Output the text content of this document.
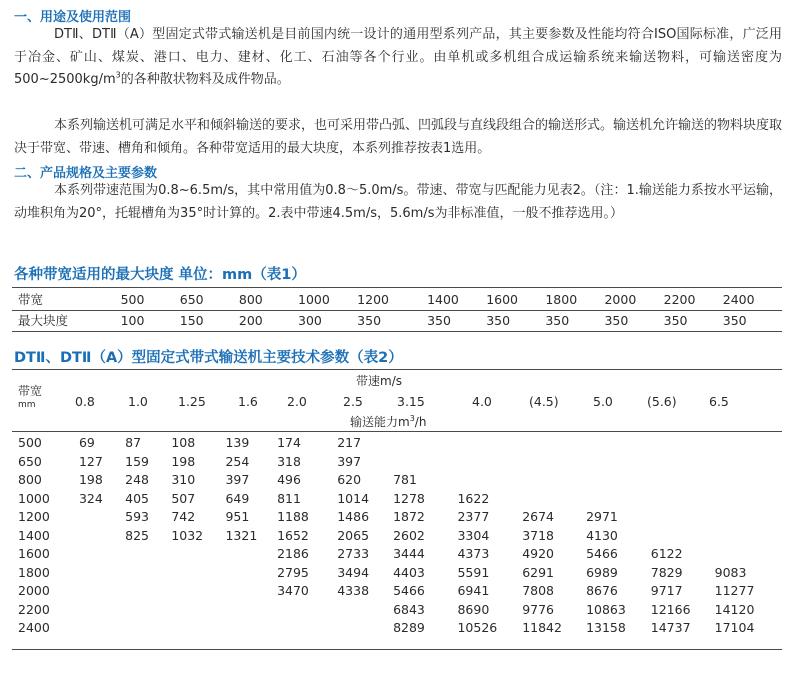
一、用途及使用范围

DTⅡ、DTⅡ（A）型固定式带式输送机是目前国内统一设计的通用型系列产品，其主要参数及性能均符合ISO国际标准，广泛用于冶金、矿山、煤炭、港口、电力、建材、化工、石油等各个行业。由单机或多机组合成运输系统来输送物料，可输送密度为$500\sim 2500kg/m^3$的各种散状物料及成件物品。

本系列输送机可满足水平和倾斜输送的要求，也可采用带凸弧、凹弧段与直线段组合的输送形式。输送机允许输送的物料块度取决于带宽、带速、槽角和倾角。各种带宽适用的最大块度，本系列推荐按表1选用。

二、产品规格及主要参数

本系列带速范围为0.8~6.5m/s，其中常用值为0.8～5.0m/s。带速、带宽与匹配能力见表2。（注：1.输送能力系按水平运输，动堆积角为20°，托辊槽角为35°时计算的。2.表中带速4.5m/s，5.6m/s为非标准值，一般不推荐选用。）

各种带宽适用的最大块度 单位：mm（表1）
带宽	500	650	800	1000	1200	1400	1600	1800	2000	2200	2400
最大块度	100	150	200	300	350	350	350	350	350	350	350
DTⅡ、DTⅡ（A）型固定式带式输送机主要技术参数（表2）
带宽
mm
带速m/s
输送能力$m^3/h$
0.8	1.0 1.25	1.6 2.0	2.5	3.15	4.0	(4.5)	5.0	(5.6)	6.5
500	69	87	108	139	174	217						
650	127	159	198	254	318	397						
800	198	248	310	397	496	620	781					
1000	324	405	507	649	811	1014	1278	1622				
1200		593	742	951	1188	1486	1872	2377	2674	2971		
1400		825	1032	1321	1652	2065	2602	3304	3718	4130		
1600					2186	2733	3444	4373	4920	5466	6122	
1800					2795	3494	4403	5591	6291	6989	7829	9083
2000					3470	4338	5466	6941	7808	8676	9717	11277
2200							6843	8690	9776	10863	12166	14120
2400							8289	10526	11842	13158	14737	17104
